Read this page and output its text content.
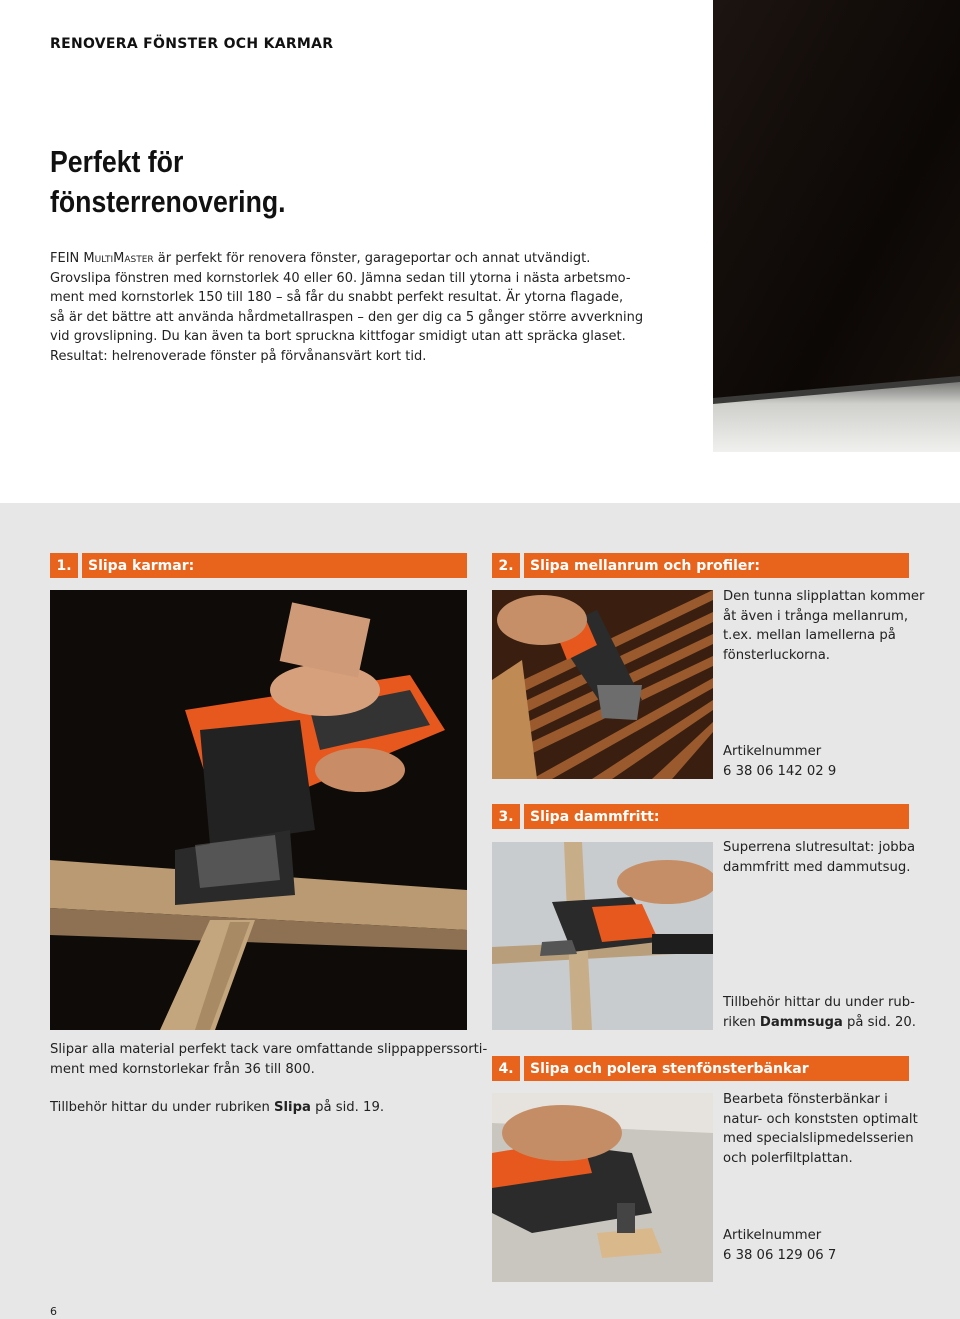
RENOVERA FÖNSTER OCH KARMAR
Perfekt för
fönsterrenovering.
FEIN MultiMaster är perfekt för renovera fönster, garageportar och annat utvändigt.
Grovslipa fönstren med kornstorlek 40 eller 60. Jämna sedan till ytorna i nästa arbetsmo-
ment med kornstorlek 150 till 180 – så får du snabbt perfekt resultat. Är ytorna flagade,
så är det bättre att använda hårdmetallraspen – den ger dig ca 5 gånger större avverkning
vid grovslipning. Du kan även ta bort spruckna kittfogar smidigt utan att spräcka glaset.
Resultat: helrenoverade fönster på förvånansvärt kort tid.
1.	Slipa karmar:
Slipar alla material perfekt tack vare omfattande slippapperssorti-
ment med kornstorlekar från 36 till 800.
Tillbehör hittar du under rubriken Slipa på sid. 19.
2.	Slipa mellanrum och profiler:
Den tunna slipplattan kommer
åt även i trånga mellanrum,
t.ex. mellan lamellerna på
fönsterluckorna.
Artikelnummer
6 38 06 142 02 9
3.	Slipa dammfritt:
Superrena slutresultat: jobba
dammfritt med dammutsug.
Tillbehör hittar du under rub-
riken Dammsuga på sid. 20.
4.	Slipa och polera stenfönsterbänkar
Bearbeta fönsterbänkar i
natur- och konststen optimalt
med specialslipmedelsserien
och polerfiltplattan.
Artikelnummer
6 38 06 129 06 7
6
